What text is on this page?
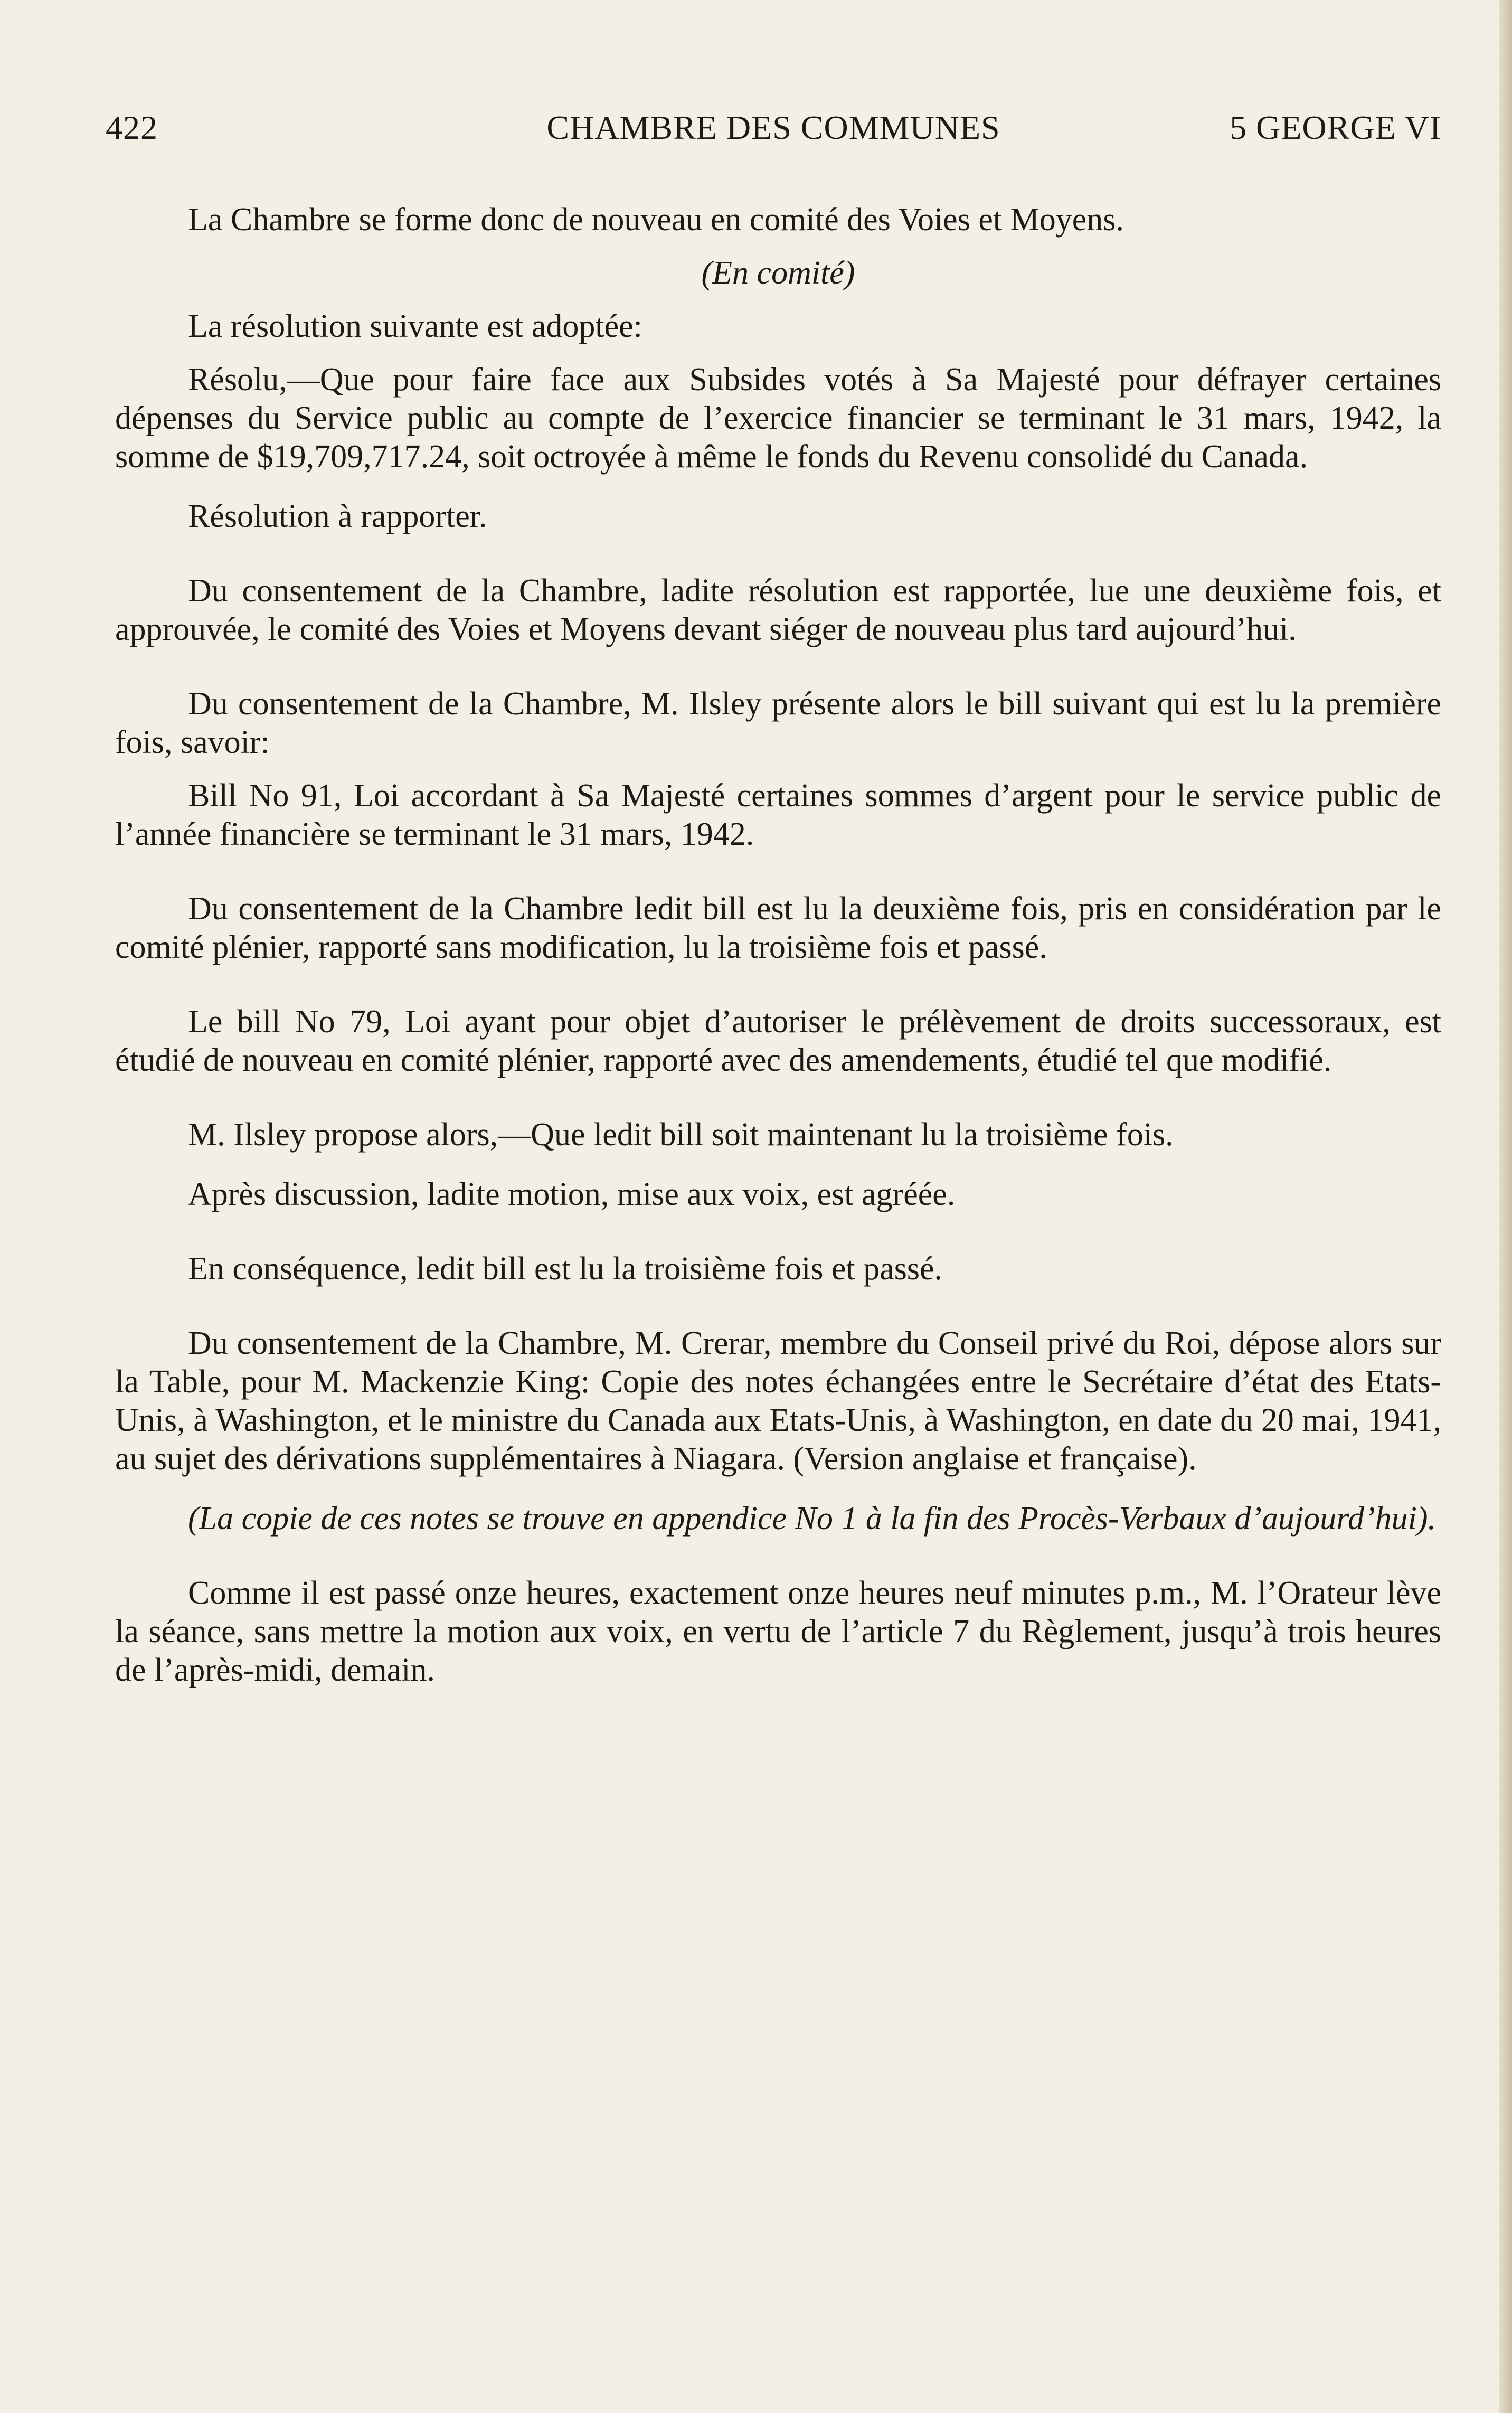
422	CHAMBRE DES COMMUNES	5 GEORGE VI

La Chambre se forme donc de nouveau en comité des Voies et Moyens.

(En comité)

La résolution suivante est adoptée:

Résolu,—Que pour faire face aux Subsides votés à Sa Majesté pour défrayer certaines dépenses du Service public au compte de l’exercice financier se terminant le 31 mars, 1942, la somme de $19,709,717.24, soit octroyée à même le fonds du Revenu consolidé du Canada.

Résolution à rapporter.

Du consentement de la Chambre, ladite résolution est rapportée, lue une deuxième fois, et approuvée, le comité des Voies et Moyens devant siéger de nouveau plus tard aujourd’hui.

Du consentement de la Chambre, M. Ilsley présente alors le bill suivant qui est lu la première fois, savoir:

Bill No 91, Loi accordant à Sa Majesté certaines sommes d’argent pour le service public de l’année financière se terminant le 31 mars, 1942.

Du consentement de la Chambre ledit bill est lu la deuxième fois, pris en considération par le comité plénier, rapporté sans modification, lu la troisième fois et passé.

Le bill No 79, Loi ayant pour objet d’autoriser le prélèvement de droits successoraux, est étudié de nouveau en comité plénier, rapporté avec des amendements, étudié tel que modifié.

M. Ilsley propose alors,—Que ledit bill soit maintenant lu la troisième fois.

Après discussion, ladite motion, mise aux voix, est agréée.

En conséquence, ledit bill est lu la troisième fois et passé.

Du consentement de la Chambre, M. Crerar, membre du Conseil privé du Roi, dépose alors sur la Table, pour M. Mackenzie King: Copie des notes échangées entre le Secrétaire d’état des Etats-Unis, à Washington, et le ministre du Canada aux Etats-Unis, à Washington, en date du 20 mai, 1941, au sujet des dérivations supplémentaires à Niagara. (Version anglaise et française).

(La copie de ces notes se trouve en appendice No 1 à la fin des Procès-Verbaux d’aujourd’hui).

Comme il est passé onze heures, exactement onze heures neuf minutes p.m., M. l’Orateur lève la séance, sans mettre la motion aux voix, en vertu de l’article 7 du Règlement, jusqu’à trois heures de l’après-midi, demain.
